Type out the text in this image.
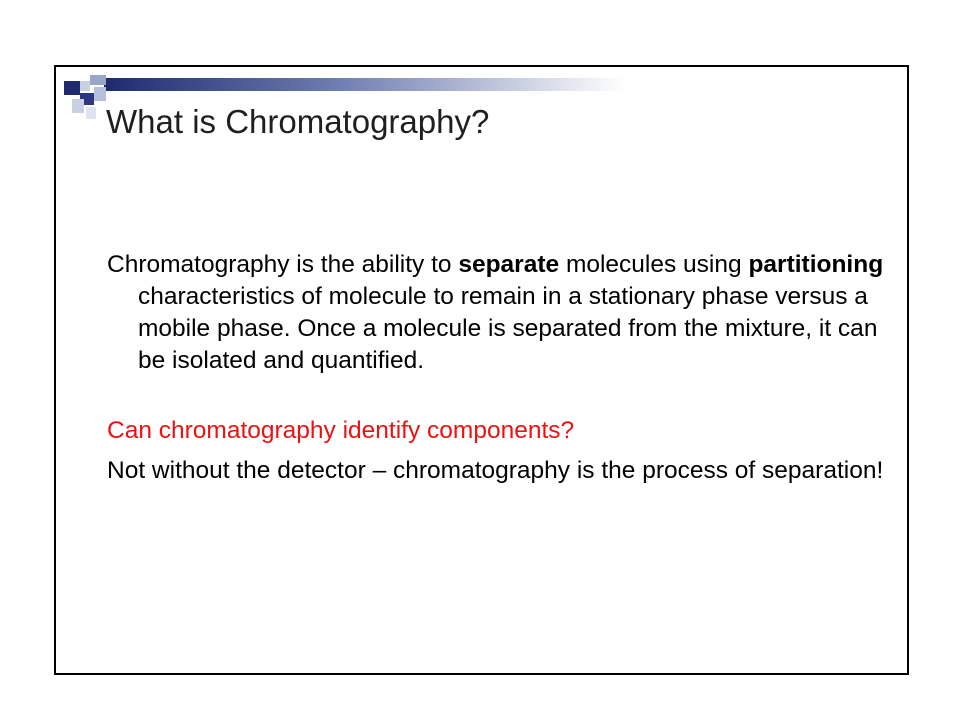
What is Chromatography?

Chromatography is the ability to separate molecules using partitioning characteristics of molecule to remain in a stationary phase versus a mobile phase. Once a molecule is separated from the mixture, it can be isolated and quantified.

Can chromatography identify components?

Not without the detector – chromatography is the process of separation!
